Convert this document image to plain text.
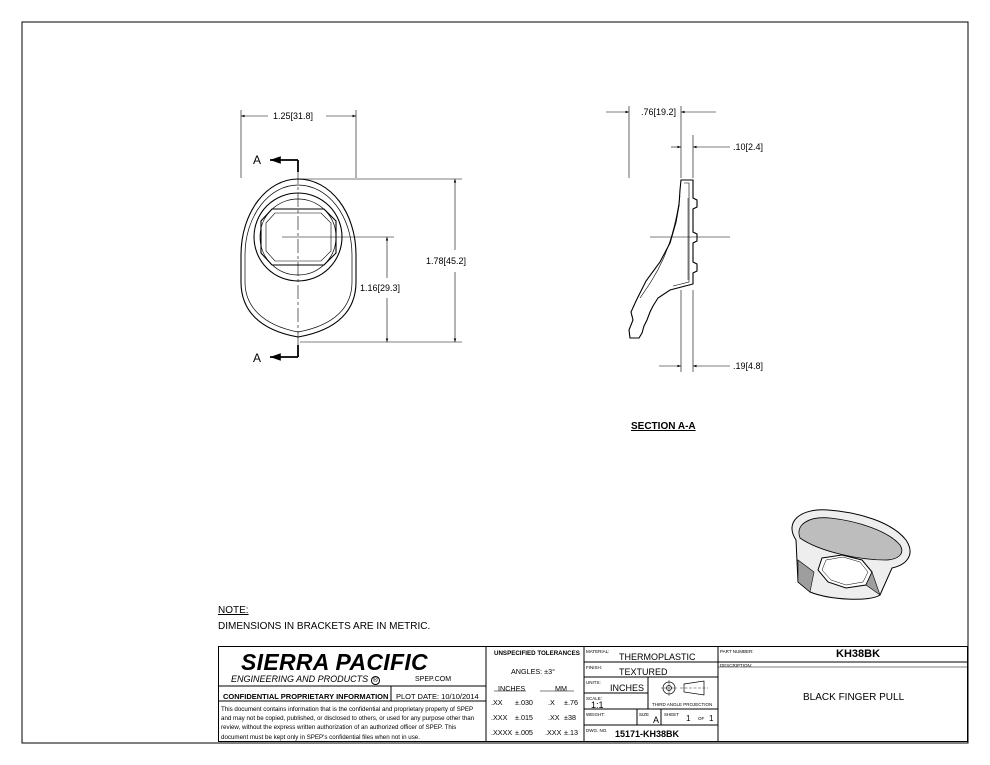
A
A
1.25[31.8]
1.78[45.2]
1.16[29.3]
.76[19.2]
.10[2.4]
.19[4.8]
SECTION A-A
NOTE:
DIMENSIONS IN BRACKETS ARE IN METRIC.
SIERRA PACIFIC
ENGINEERING AND PRODUCTS ®	SPEP.COM
CONFIDENTIAL PROPRIETARY INFORMATION PLOT DATE: 10/10/2014
This document contains information that is the confidential and proprietary property of SPEP and may not be copied, published, or disclosed to others, or used for any purpose other than review, without the express written authorization of an authorized officer of SPEP. This document must be kept only in SPEP's confidential files when not in use.
UNSPECIFIED TOLERANCES
ANGLES: ±3°
INCHES	MM
.XX ±.030 .X ±.76
.XXX ±.015 .XX ±38
.XXXX ±.005 .XXX ±.13
MATERIAL:
THERMOPLASTIC
FINISH: TEXTURED
UNITS:
INCHES
SCALE:
1:1	THIRD ANGLE PROJECTION
WEIGHT:	SIZE
A
SHEET 1 OF 1
DWG. NO. 15171-KH38BK
PART NUMBER:	KH38BK
DESCRIPTION:
BLACK FINGER PULL
